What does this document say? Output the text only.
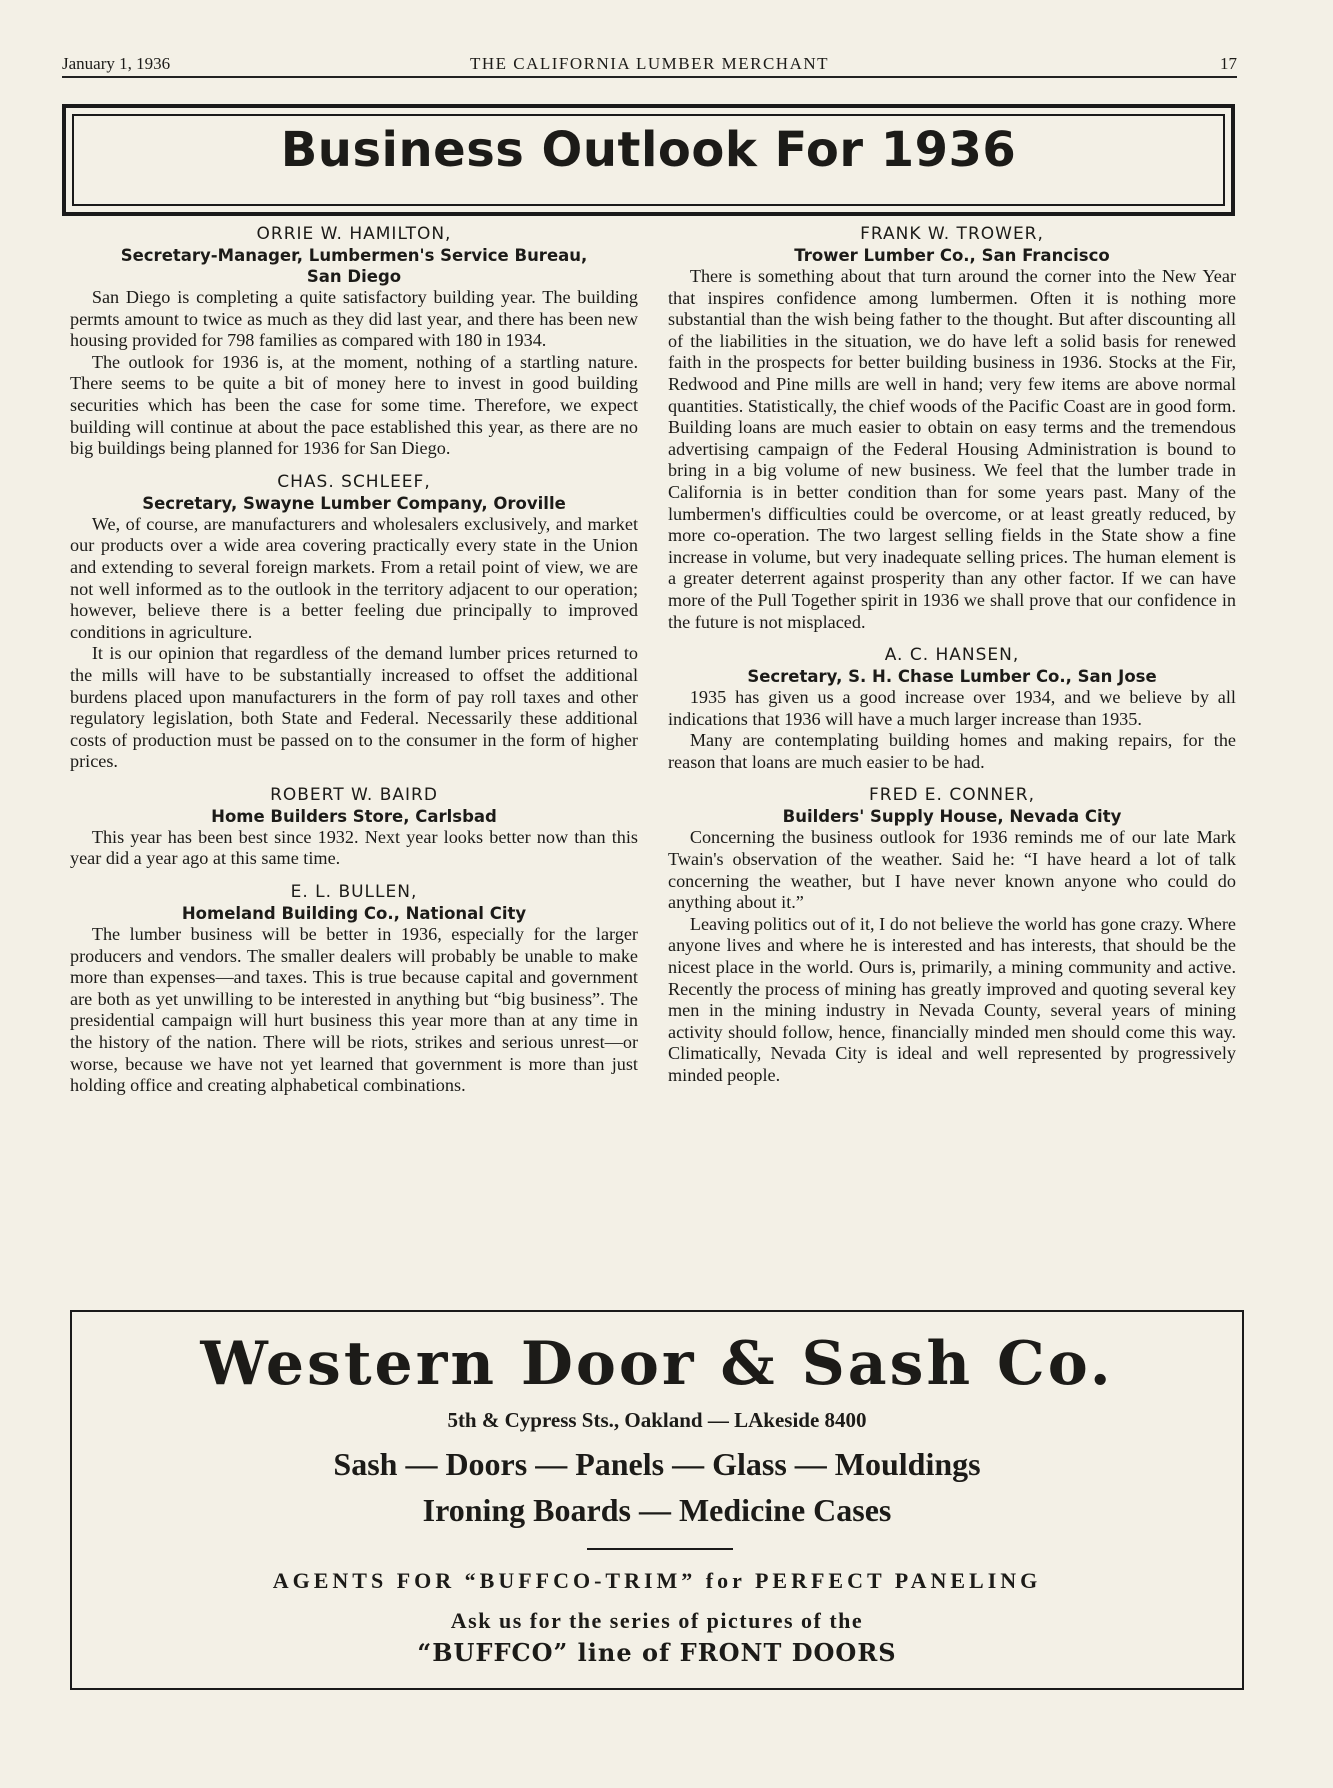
January 1, 1936	THE CALIFORNIA LUMBER MERCHANT	17
Business Outlook For 1936
ORRIE W. HAMILTON,
Secretary-Manager, Lumbermen's Service Bureau,
San Diego

San Diego is completing a quite satisfactory building year. The building permts amount to twice as much as they did last year, and there has been new housing provided for 798 families as compared with 180 in 1934.

The outlook for 1936 is, at the moment, nothing of a startling nature. There seems to be quite a bit of money here to invest in good building securities which has been the case for some time. Therefore, we expect building will continue at about the pace established this year, as there are no big buildings being planned for 1936 for San Diego.

CHAS. SCHLEEF,
Secretary, Swayne Lumber Company, Oroville

We, of course, are manufacturers and wholesalers exclusively, and market our products over a wide area covering practically every state in the Union and extending to several foreign markets. From a retail point of view, we are not well informed as to the outlook in the territory adjacent to our operation; however, believe there is a better feeling due principally to improved conditions in agriculture.

It is our opinion that regardless of the demand lumber prices returned to the mills will have to be substantially increased to offset the additional burdens placed upon manufacturers in the form of pay roll taxes and other regulatory legislation, both State and Federal. Necessarily these additional costs of production must be passed on to the consumer in the form of higher prices.

ROBERT W. BAIRD
Home Builders Store, Carlsbad

This year has been best since 1932. Next year looks better now than this year did a year ago at this same time.

E. L. BULLEN,
Homeland Building Co., National City

The lumber business will be better in 1936, especially for the larger producers and vendors. The smaller dealers will probably be unable to make more than expenses—and taxes. This is true because capital and government are both as yet unwilling to be interested in anything but “big business”. The presidential campaign will hurt business this year more than at any time in the history of the nation. There will be riots, strikes and serious unrest—or worse, because we have not yet learned that government is more than just holding office and creating alphabetical combinations.

FRANK W. TROWER,
Trower Lumber Co., San Francisco

There is something about that turn around the corner into the New Year that inspires confidence among lumbermen. Often it is nothing more substantial than the wish being father to the thought. But after discounting all of the liabilities in the situation, we do have left a solid basis for renewed faith in the prospects for better building business in 1936. Stocks at the Fir, Redwood and Pine mills are well in hand; very few items are above normal quantities. Statistically, the chief woods of the Pacific Coast are in good form. Building loans are much easier to obtain on easy terms and the tremendous advertising campaign of the Federal Housing Administration is bound to bring in a big volume of new business. We feel that the lumber trade in California is in better condition than for some years past. Many of the lumbermen's difficulties could be overcome, or at least greatly reduced, by more co-operation. The two largest selling fields in the State show a fine increase in volume, but very inadequate selling prices. The human element is a greater deterrent against prosperity than any other factor. If we can have more of the Pull Together spirit in 1936 we shall prove that our confidence in the future is not misplaced.

A. C. HANSEN,
Secretary, S. H. Chase Lumber Co., San Jose

1935 has given us a good increase over 1934, and we believe by all indications that 1936 will have a much larger increase than 1935.

Many are contemplating building homes and making repairs, for the reason that loans are much easier to be had.

FRED E. CONNER,
Builders' Supply House, Nevada City

Concerning the business outlook for 1936 reminds me of our late Mark Twain's observation of the weather. Said he: “I have heard a lot of talk concerning the weather, but I have never known anyone who could do anything about it.”

Leaving politics out of it, I do not believe the world has gone crazy. Where anyone lives and where he is interested and has interests, that should be the nicest place in the world. Ours is, primarily, a mining community and active. Recently the process of mining has greatly improved and quoting several key men in the mining industry in Nevada County, several years of mining activity should follow, hence, financially minded men should come this way. Climatically, Nevada City is ideal and well represented by progressively minded people.

Western Door & Sash Co.
5th & Cypress Sts., Oakland — LAkeside 8400
Sash — Doors — Panels — Glass — Mouldings
Ironing Boards — Medicine Cases
AGENTS FOR “BUFFCO-TRIM” for PERFECT PANELING
Ask us for the series of pictures of the
“BUFFCO” line of FRONT DOORS
